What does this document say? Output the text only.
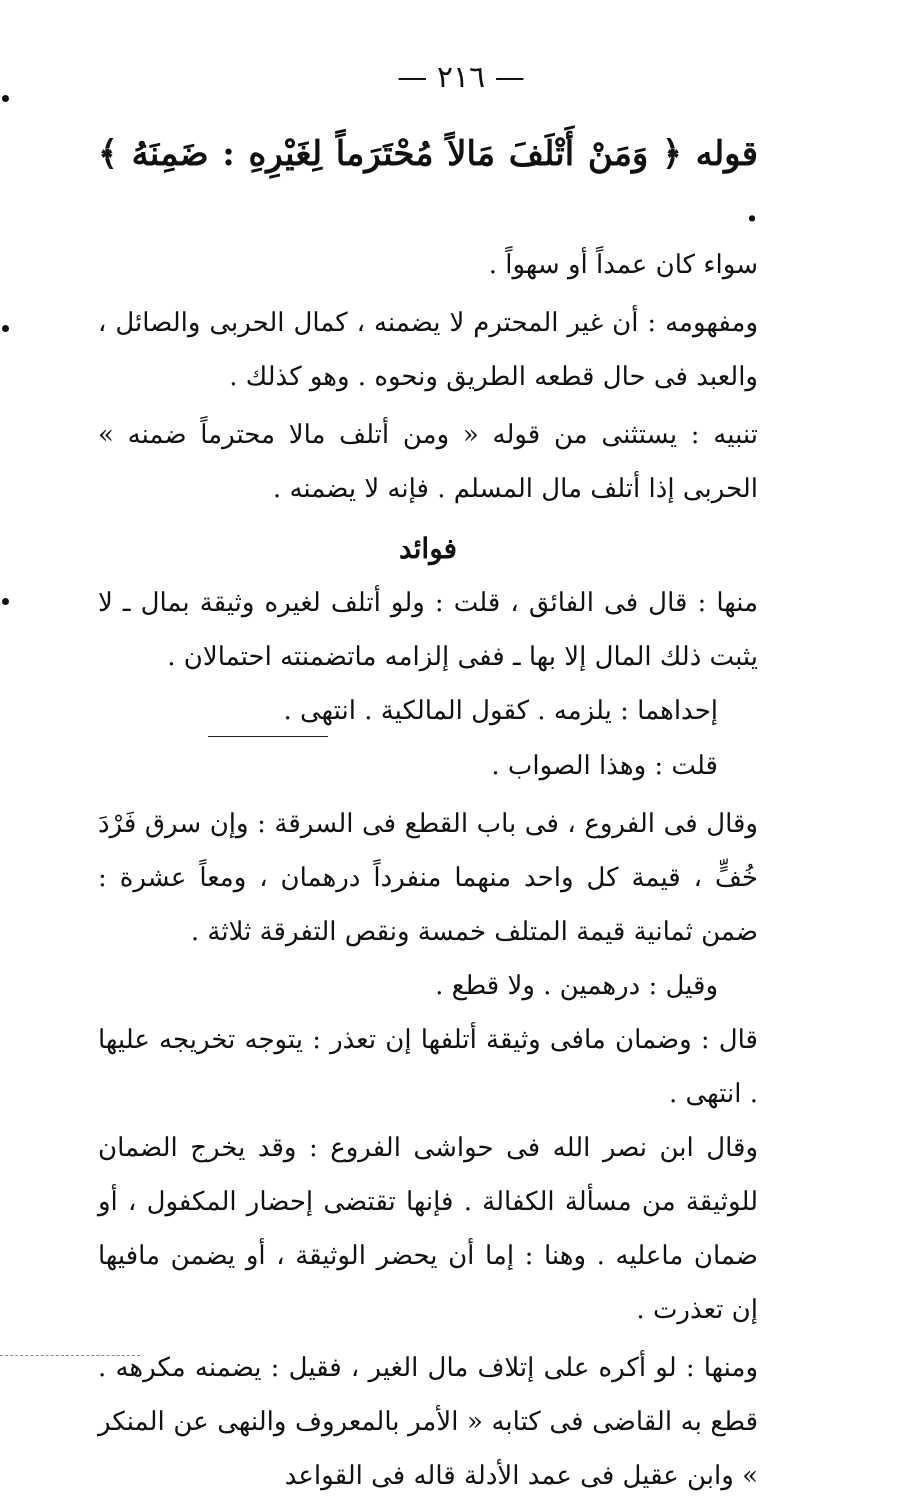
— ٢١٦ —

قوله ﴿ وَمَنْ أَتْلَفَ مَالاً مُحْتَرَماً لِغَيْرِهِ : ضَمِنَهُ ﴾ .

سواء كان عمداً أو سهواً .

ومفهومه : أن غير المحترم لا يضمنه ، كمال الحربى والصائل ، والعبد فى حال قطعه الطريق ونحوه . وهو كذلك .

تنبيه : يستثنى من قوله « ومن أتلف مالا محترماً ضمنه » الحربى إذا أتلف مال المسلم . فإنه لا يضمنه .

فوائد

منها : قال فى الفائق ، قلت : ولو أتلف لغيره وثيقة بمال ـ لا يثبت ذلك المال إلا بها ـ ففى إلزامه ماتضمنته احتمالان .

إحداهما : يلزمه . كقول المالكية . انتهى .

قلت : وهذا الصواب .

وقال فى الفروع ، فى باب القطع فى السرقة : وإن سرق فَرْدَ خُفٍّ ، قيمة كل واحد منهما منفرداً درهمان ، ومعاً عشرة : ضمن ثمانية قيمة المتلف خمسة ونقص التفرقة ثلاثة .

وقيل : درهمين . ولا قطع .

قال : وضمان مافى وثيقة أتلفها إن تعذر : يتوجه تخريجه عليها . انتهى .

وقال ابن نصر الله فى حواشى الفروع : وقد يخرج الضمان للوثيقة من مسألة الكفالة . فإنها تقتضى إحضار المكفول ، أو ضمان ماعليه . وهنا : إما أن يحضر الوثيقة ، أو يضمن مافيها إن تعذرت .

ومنها : لو أكره على إتلاف مال الغير ، فقيل : يضمنه مكرهه . قطع به القاضى فى كتابه « الأمر بالمعروف والنهى عن المنكر » وابن عقيل فى عمد الأدلة قاله فى القواعد
